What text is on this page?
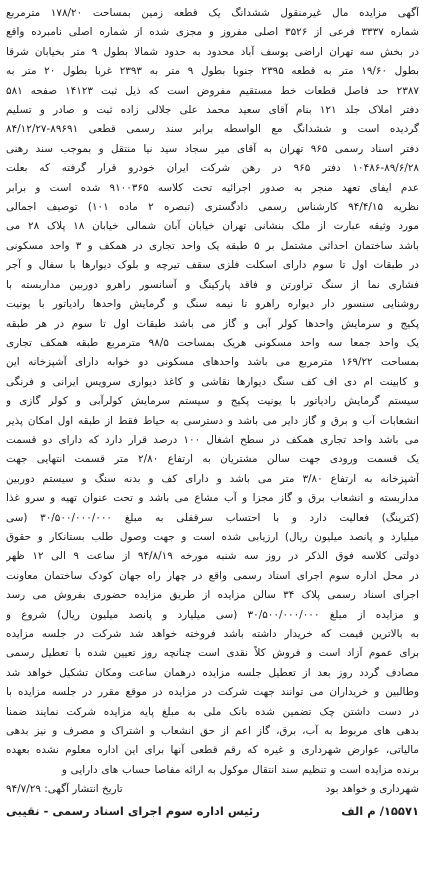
آگهی مزایده مال غیرمنقول ششدانگ یک قطعه زمین بمساحت ۱۷۸/۲۰ مترمربع
شماره ۳۳۳۷ فرعی از ۳۵۲۶ اصلی مفروز و مجزی شده از شماره اصلی نامبرده واقع
در بخش سه تهران اراضی یوسف آباد محدود به حدود شمالا بطول ۹ متر بخیابان شرقا
بطول ۱۹/۶۰ متر به قطعه ۲۳۹۵ جنوبا بطول ۹ متر به ۲۳۹۳ غربا بطول ۲۰ متر به
۲۳۸۷ حد فاصل قطعات خط مستقیم مفروض است که ذیل ثبت ۱۴۱۲۳ صفحه ۵۸۱
دفتر املاک جلد ۱۲۱ بنام آقای سعید محمد علی جلالی زاده ثبت و صادر و تسلیم
گردیده است و ششدانگ مع الواسطه برابر سند رسمی قطعی ۸۹۶۹۱-۸۴/۱۲/۲۷
دفتر اسناد رسمی ۹۶۵ تهران به آقای میر سجاد سید نیا منتقل و بموجب سند رهنی
۱۰۴۸۶-۸۹/۶/۲۸ دفتر ۹۶۵ در رهن شرکت ایران خودرو قرار گرفته که بعلت
عدم ایفای تعهد منجر به صدور اجرائیه تحت کلاسه ۹۱۰۰۳۶۵ شده است و برابر
نظریه ۹۴/۴/۱۵ کارشناس رسمی دادگستری (تبصره ۲ ماده ۱۰۱) توصیف اجمالی
مورد وثیقه عبارت از ملک بنشانی تهران خیابان آبان شمالی خیابان ۱۸ پلاک ۲۸ می
باشد ساختمان احداثی مشتمل بر ۵ طبقه یک واحد تجاری در همکف و ۳ واحد مسکونی
در طبقات اول تا سوم دارای اسکلت فلزی سقف تیرچه و بلوک دیوارها با سفال و آجر
فشاری نما از سنگ تراورتن و فاقد پارکینگ و آسانسور راهرو دوربین مداربسته با
روشنایی سنسور دار دیواره راهرو تا نیمه سنگ و گرمایش واحدها رادیاتور با یونیت
پکیج و سرمایش واحدها کولر آبی و گاز می باشد طبقات اول تا سوم در هر طبقه
یک واحد جمعا سه واحد مسکونی هریک بمساحت ۹۸/۵ مترمربع طبقه همکف تجاری
بمساحت ۱۶۹/۲۲ مترمربع می باشد واحدهای مسکونی دو خوابه دارای آشپزخانه این
و کابینت ام دی اف کف سنگ دیوارها نقاشی و کاغذ دیواری سرویس ایرانی و فرنگی
سیستم گرمایش رادیاتور با یونیت پکیج و سیستم سرمایش کولرآبی و کولر گازی و
انشعابات آب و برق و گاز دایر می باشد و دسترسی به حیاط فقط از طبقه اول امکان پذیر
می باشد واحد تجاری همکف در سطح اشغال ۱۰۰ درصد قرار دارد که دارای دو قسمت
یک قسمت ورودی جهت سالن مشتریان به ارتفاع ۲/۸۰ متر قسمت انتهایی جهت
آشپزخانه به ارتفاع ۳/۸۰ متر می باشد و دارای کف و بدنه سنگ و سیستم دوربین
مداربسته و انشعاب برق و گاز مجزا و آب مشاع می باشد و تحت عنوان تهیه و سرو غذا
(کترینگ) فعالیت دارد و با احتساب سرقفلی به مبلغ ۳۰/۵۰۰/۰۰۰/۰۰۰ (سی
میلیارد و پانصد میلیون ریال) ارزیابی شده است و جهت وصول طلب بستانکار و حقوق
دولتی کلاسه فوق الذکر در روز سه شنبه مورخه ۹۴/۸/۱۹ از ساعت ۹ الی ۱۲ ظهر
در محل اداره سوم اجرای اسناد رسمی واقع در چهار راه جهان کودک ساختمان معاونت
اجرای اسناد رسمی پلاک ۳۴ سالن مزایده از طریق مزایده حضوری بفروش می رسد
و مزایده از مبلغ ۳۰/۵۰۰/۰۰۰/۰۰۰ (سی میلیارد و پانصد میلیون ریال) شروع و
به بالاترین قیمت که خریدار داشته باشد فروخته خواهد شد شرکت در جلسه مزایده
برای عموم آزاد است و فروش کلاً نقدی است چنانچه روز تعیین شده با تعطیل رسمی
مصادف گردد روز بعد از تعطیل جلسه مزایده درهمان ساعت ومکان تشکیل خواهد شد
وطالبین و خریداران می توانند جهت شرکت در مزایده در موقع مقرر در جلسه مزایده با
در دست داشتن چک تضمین شده بانک ملی به مبلغ پایه مزایده شرکت نمایند ضمنا
بدهی های مربوط به آب، برق، گاز اعم از حق انشعاب و اشتراک و مصرف و نیز بدهی
مالیاتی، عوارض شهرداری و غیره که رقم قطعی آنها برای این اداره معلوم نشده بعهده
برنده مزایده است و تنظیم سند انتقال موکول به ارائه مفاصا حساب های دارایی و
شهرداری و خواهد بود
تاریخ انتشار آگهی: ۹۴/۷/۲۹
۱۵۵۷۱/ م الف
رئیس اداره سوم اجرای اسناد رسمی - نقیبی
